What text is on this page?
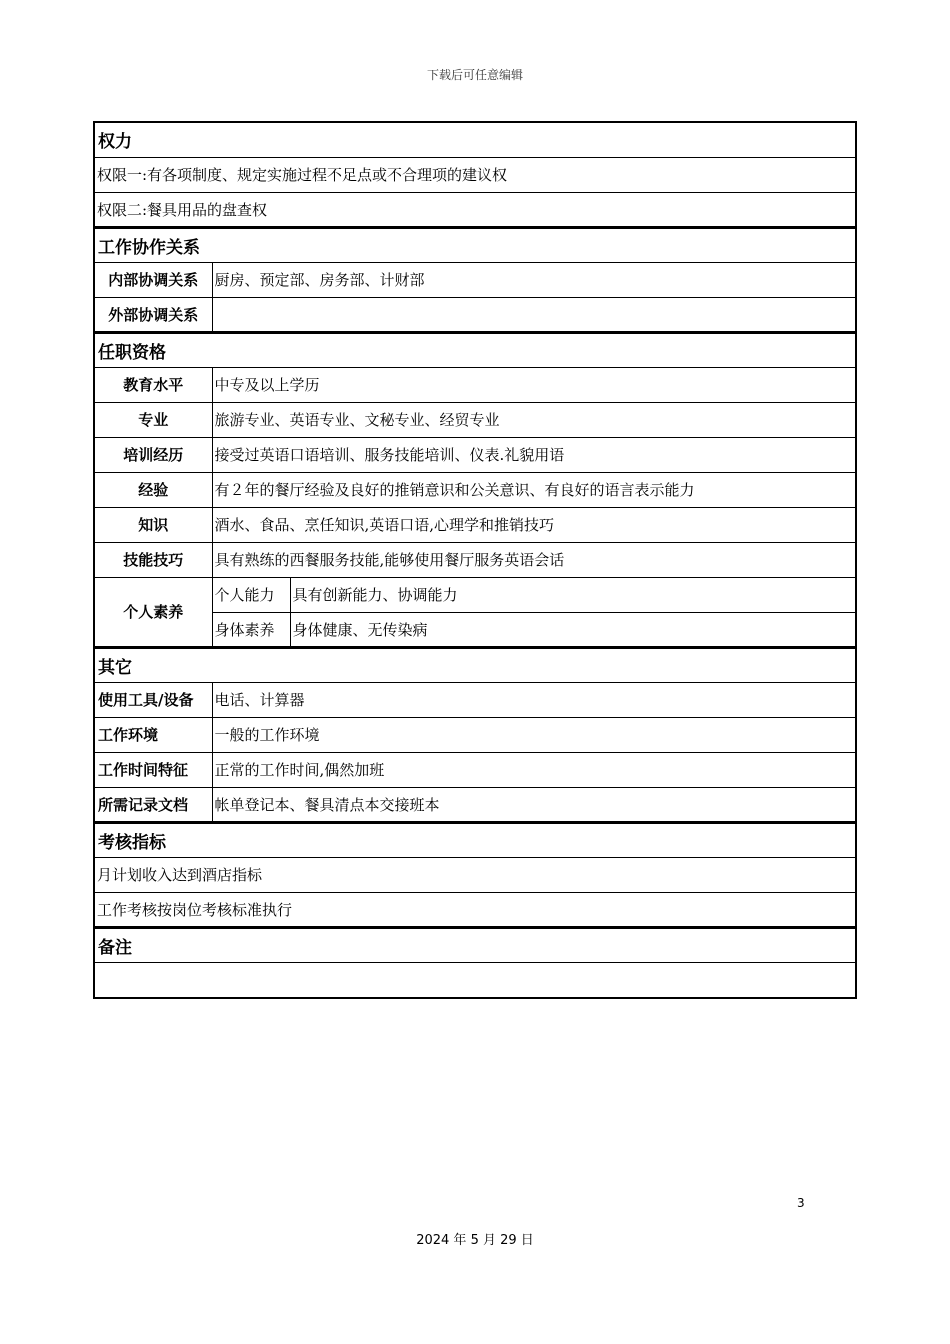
下载后可任意编辑
权力		
权限一:有各项制度、规定实施过程不足点或不合理项的建议权		
权限二:餐具用品的盘查权		
工作协作关系		
内部协调关系	厨房、预定部、房务部、计财部	
外部协调关系		
任职资格		
教育水平	中专及以上学历	
专业	旅游专业、英语专业、文秘专业、经贸专业	
培训经历	接受过英语口语培训、服务技能培训、仪表.礼貌用语	
经验	有２年的餐厅经验及良好的推销意识和公关意识、有良好的语言表示能力	
知识	酒水、食品、烹任知识,英语口语,心理学和推销技巧	
技能技巧	具有熟练的西餐服务技能,能够使用餐厅服务英语会话	
个人素养	个人能力	具有创新能力、协调能力
	身体素养	身体健康、无传染病
其它		
使用工具/设备	电话、计算器	
工作环境	一般的工作环境	
工作时间特征	正常的工作时间,偶然加班	
所需记录文档	帐单登记本、餐具清点本交接班本	
考核指标		
月计划收入达到酒店指标		
工作考核按岗位考核标准执行		
备注		

3
2024 年 5 月 29 日
